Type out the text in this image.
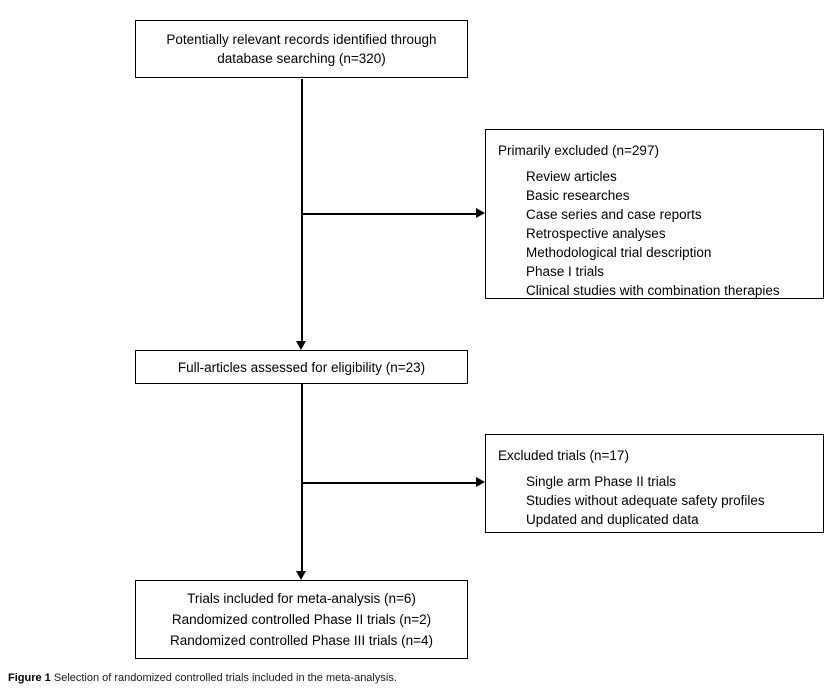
Potentially relevant records identified through
database searching (n=320)
Primarily excluded (n=297)
Review articles
Basic researches
Case series and case reports
Retrospective analyses
Methodological trial description
Phase I trials
Clinical studies with combination therapies
Full-articles assessed for eligibility (n=23)
Excluded trials (n=17)
Single arm Phase II trials
Studies without adequate safety profiles
Updated and duplicated data
Trials included for meta-analysis (n=6)
Randomized controlled Phase II trials (n=2)
Randomized controlled Phase III trials (n=4)
Figure 1 Selection of randomized controlled trials included in the meta-analysis.
